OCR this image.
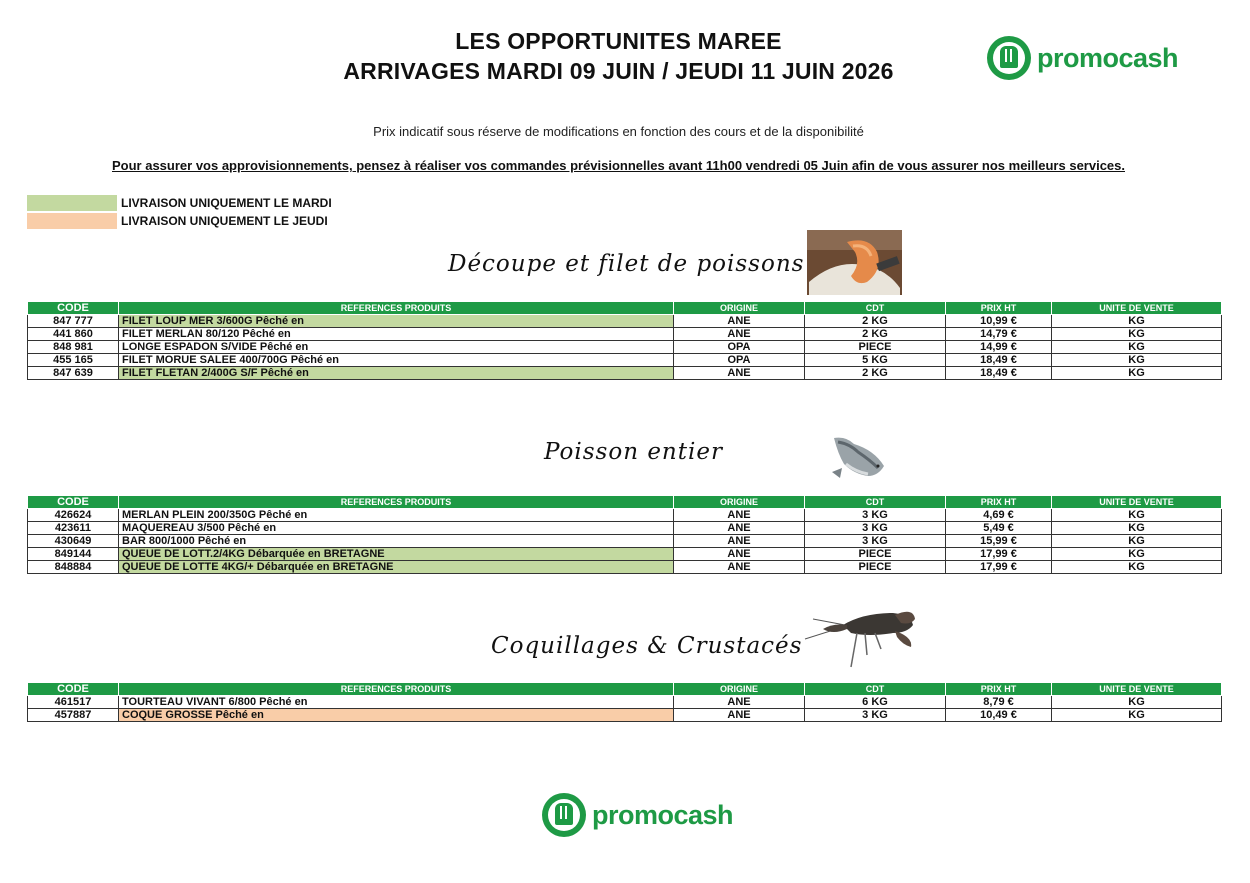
LES OPPORTUNITES MAREE
ARRIVAGES MARDI 09 JUIN / JEUDI 11 JUIN 2026	promocash
Prix indicatif sous réserve de modifications en fonction des cours et de la disponibilité
Pour assurer vos approvisionnements, pensez à réaliser vos commandes prévisionnelles avant 11h00 vendredi 05 Juin afin de vous assurer nos meilleurs services.
LIVRAISON UNIQUEMENT LE MARDI
LIVRAISON UNIQUEMENT LE JEUDI
Découpe et filet de poissons
CODE	REFERENCES PRODUITS	ORIGINE	CDT	PRIX HT	UNITE DE VENTE
847 777	FILET LOUP MER 3/600G Pêché en	ANE	2 KG	10,99 €	KG
441 860	FILET MERLAN 80/120 Pêché en	ANE	2 KG	14,79 €	KG
848 981	LONGE ESPADON S/VIDE Pêché en	OPA	PIECE	14,99 €	KG
455 165	FILET MORUE SALEE 400/700G Pêché en	OPA	5 KG	18,49 €	KG
847 639	FILET FLETAN 2/400G S/F Pêché en	ANE	2 KG	18,49 €	KG
Poisson entier
CODE	REFERENCES PRODUITS	ORIGINE	CDT	PRIX HT	UNITE DE VENTE
426624	MERLAN PLEIN 200/350G Pêché en	ANE	3 KG	4,69 €	KG
423611	MAQUEREAU 3/500 Pêché en	ANE	3 KG	5,49 €	KG
430649	BAR 800/1000 Pêché en	ANE	3 KG	15,99 €	KG
849144	QUEUE DE LOTT.2/4KG Débarquée en BRETAGNE	ANE	PIECE	17,99 €	KG
848884	QUEUE DE LOTTE 4KG/+ Débarquée en BRETAGNE	ANE	PIECE	17,99 €	KG
Coquillages & Crustacés
CODE	REFERENCES PRODUITS	ORIGINE	CDT	PRIX HT	UNITE DE VENTE
461517	TOURTEAU VIVANT 6/800 Pêché en	ANE	6 KG	8,79 €	KG
457887	COQUE GROSSE Pêché en	ANE	3 KG	10,49 €	KG
promocash
